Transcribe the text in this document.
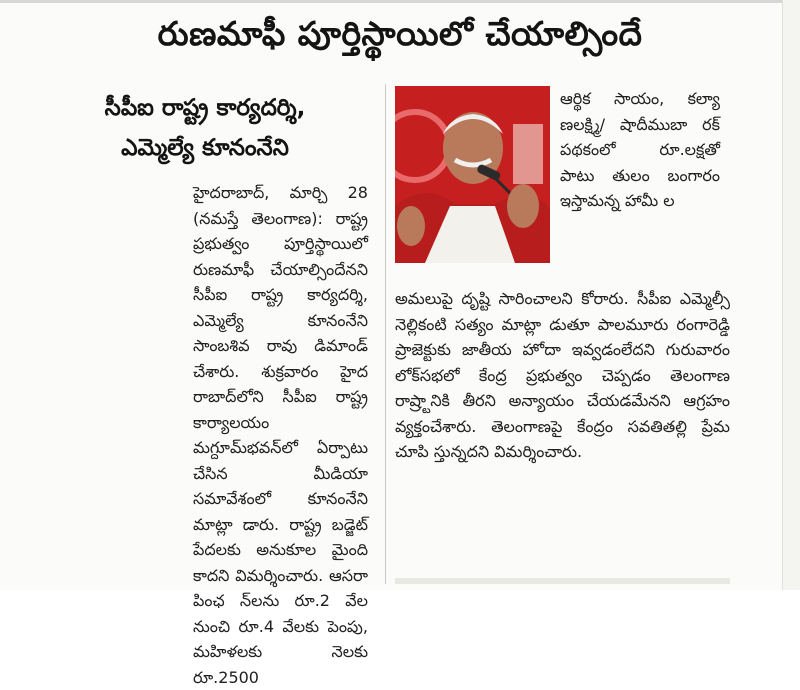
రుణమాఫీ పూర్తిస్థాయిలో చేయాల్సిందే
సీపీఐ రాష్ట్ర కార్యదర్శి,
ఎమ్మెల్యే కూనంనేని

హైదరాబాద్, మార్చి 28 (నమస్తే తెలంగాణ): రాష్ట్ర ప్రభుత్వం పూర్తిస్థాయిలో రుణమాఫీ చేయాల్సిందేనని సీపీఐ రాష్ట్ర కార్యదర్శి, ఎమ్మెల్యే కూనంనేని సాంబశివ రావు డిమాండ్ చేశారు. శుక్రవారం హైద రాబాద్‌లోని సీపీఐ రాష్ట్ర కార్యాలయం మగ్దూమ్‌భవన్‌లో ఏర్పాటు చేసిన మీడియా సమావేశంలో కూనంనేని మాట్లా డారు. రాష్ట్ర బడ్జెట్ పేదలకు అనుకూల మైంది కాదని విమర్శించారు. ఆసరా పింఛ న్‌లను రూ.2 వేల నుంచి రూ.4 వేలకు పెంపు, మహిళలకు నెలకు రూ.2500

ఆర్థిక సాయం, కల్యా ణలక్ష్మి/ షాదీముబా రక్ పథకంలో రూ.లక్షతో పాటు తులం బంగారం ఇస్తామన్న హామీ ల

అమలుపై దృష్టి సారించాలని కోరారు. సీపీఐ ఎమ్మెల్సీ నెల్లికంటి సత్యం మాట్లా డుతూ పాలమూరు రంగారెడ్డి ప్రాజెక్టుకు జాతీయ హోదా ఇవ్వడంలేదని గురువారం లోక్‌సభలో కేంద్ర ప్రభుత్వం చెప్పడం తెలంగాణ రాష్ర్టానికి తీరని అన్యాయం చేయడమేనని ఆగ్రహం వ్యక్తంచేశారు. తెలంగాణపై కేంద్రం సవతితల్లి ప్రేమ చూపి స్తున్నదని విమర్శించారు.
